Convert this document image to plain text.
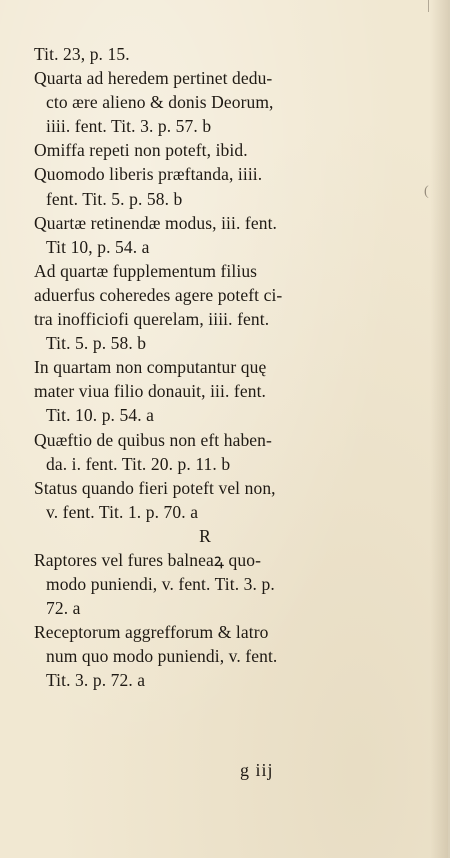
Tit. 23, p. 15.
Quarta ad heredem pertinet dedu-
cto ære alieno & donis Deorum,
iiii. fent. Tit. 3. p. 57. b
Omiffa repeti non poteft, ibid.
Quomodo liberis præftanda, iiii.
fent. Tit. 5. p. 58. b
Quartæ retinendæ modus, iii. fent.
Tit 10, p. 54. a
Ad quartæ fupplementum filius
aduerfus coheredes agere poteft ci-
tra inofficiofi querelam, iiii. fent.
Tit. 5. p. 58. b
In quartam non computantur quę
mater viua filio donauit, iii. fent.
Tit. 10. p. 54. a
Quæftio de quibus non eft haben-
da. i. fent. Tit. 20. p. 11. b
Status quando fieri poteft vel non,
v. fent. Tit. 1. p. 70. a
R
Raptores vel fures balneaꝝ quo-
modo puniendi, v. fent. Tit. 3. p.
72. a
Receptorum aggrefforum & latro
num quo modo puniendi, v. fent.
Tit. 3. p. 72. a
(
g iij
